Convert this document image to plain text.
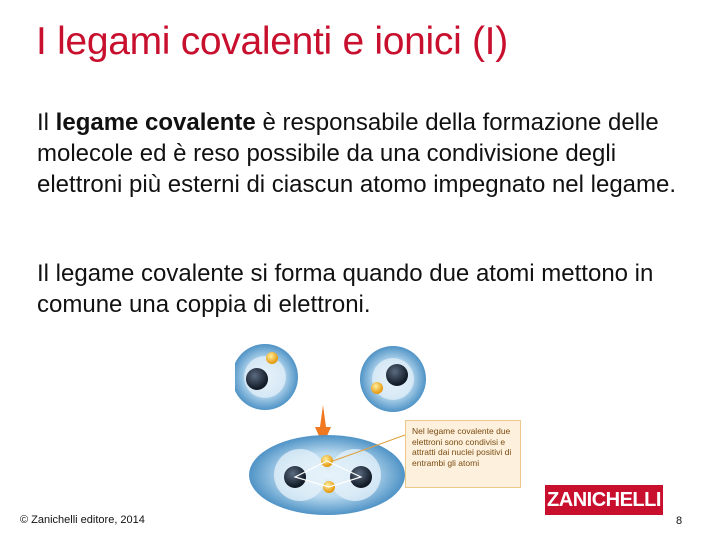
I legami covalenti e ionici (I)

Il legame covalente è responsabile della formazione delle molecole ed è reso possibile da una condivisione degli elettroni più esterni di ciascun atomo impegnato nel legame.

Il legame covalente si forma quando due atomi mettono in comune una coppia di elettroni.

Nel legame covalente due elettroni sono condivisi e attratti dai nuclei positivi di entrambi gli atomi
© Zanichelli editore, 2014
ZANICHELLI
8
